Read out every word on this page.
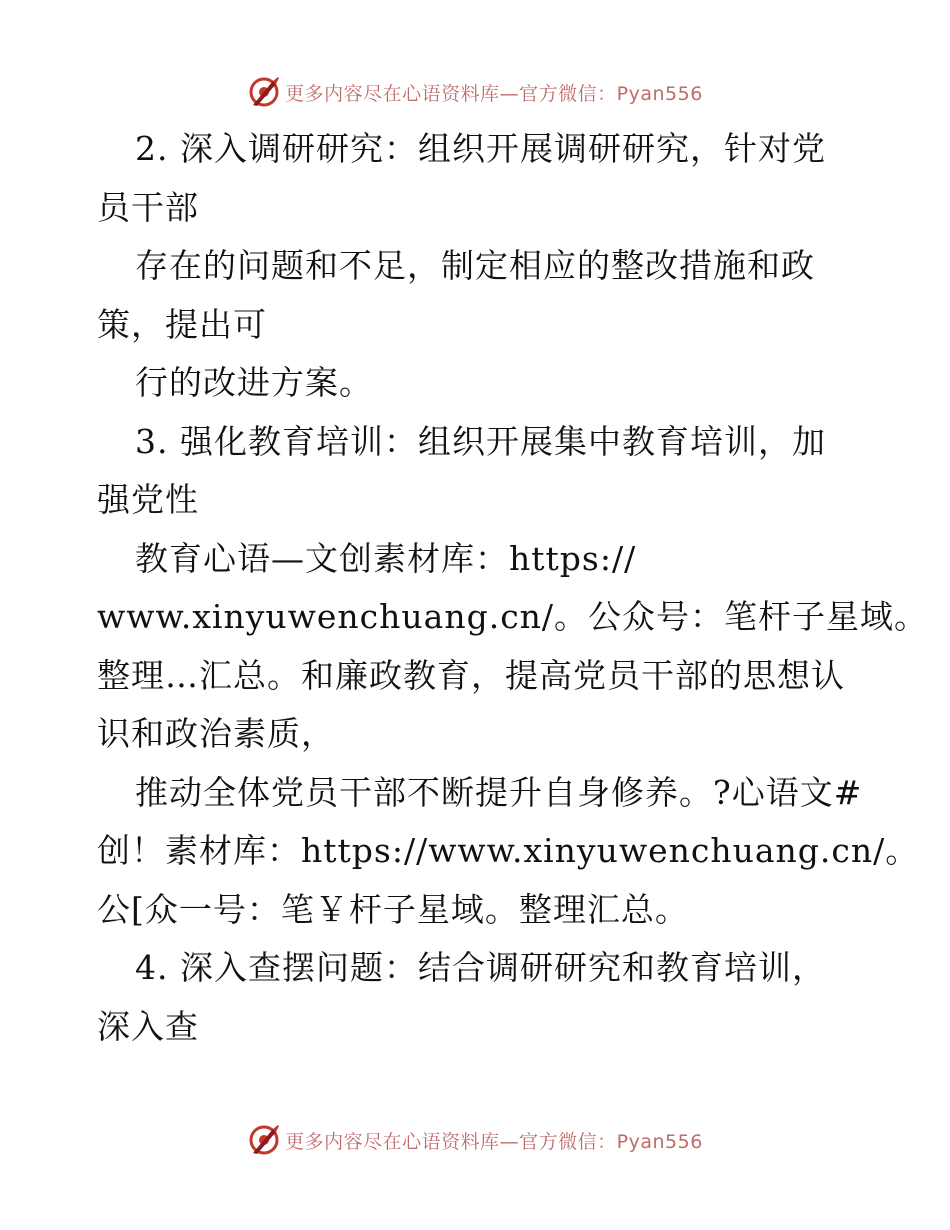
更多内容尽在心语资料库—官方微信：Pyan556
2. 深入调研研究：组织开展调研研究，针对党
员干部
存在的问题和不足，制定相应的整改措施和政
策，提出可
行的改进方案。
3. 强化教育培训：组织开展集中教育培训，加
强党性
教育心语—文创素材库：https://
www.xinyuwenchuang.cn/。公众号：笔杆子星域。
整理…汇总。和廉政教育，提高党员干部的思想认
识和政治素质，
推动全体党员干部不断提升自身修养。?心语文#
创！素材库：https://www.xinyuwenchuang.cn/。
公[众一号：笔￥杆子星域。整理汇总。
4. 深入查摆问题：结合调研研究和教育培训，
深入查
更多内容尽在心语资料库—官方微信：Pyan556
